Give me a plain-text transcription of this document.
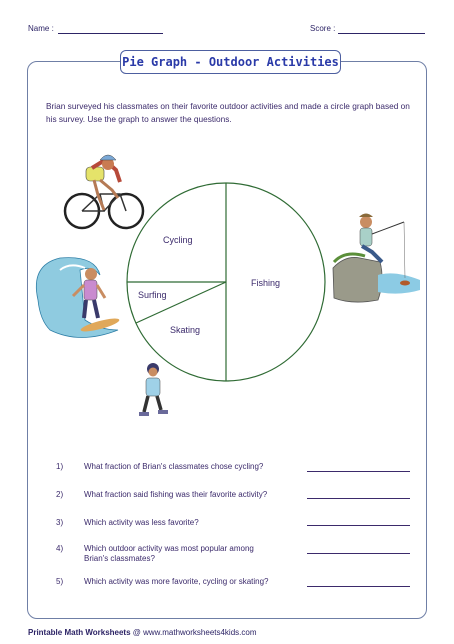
Name :	Score :
Pie Graph - Outdoor Activities
Brian surveyed his classmates on their favorite outdoor activities and made a circle graph based on his survey. Use the graph to answer the questions.
Cycling
Fishing
Surfing
Skating
1)	What fraction of Brian's classmates chose cycling?
2)	What fraction said fishing was their favorite activity?
3)	Which activity was less favorite?
4)	Which outdoor activity was most popular among Brian's classmates?
5)	Which activity was more favorite, cycling or skating?
Printable Math Worksheets @ www.mathworksheets4kids.com
